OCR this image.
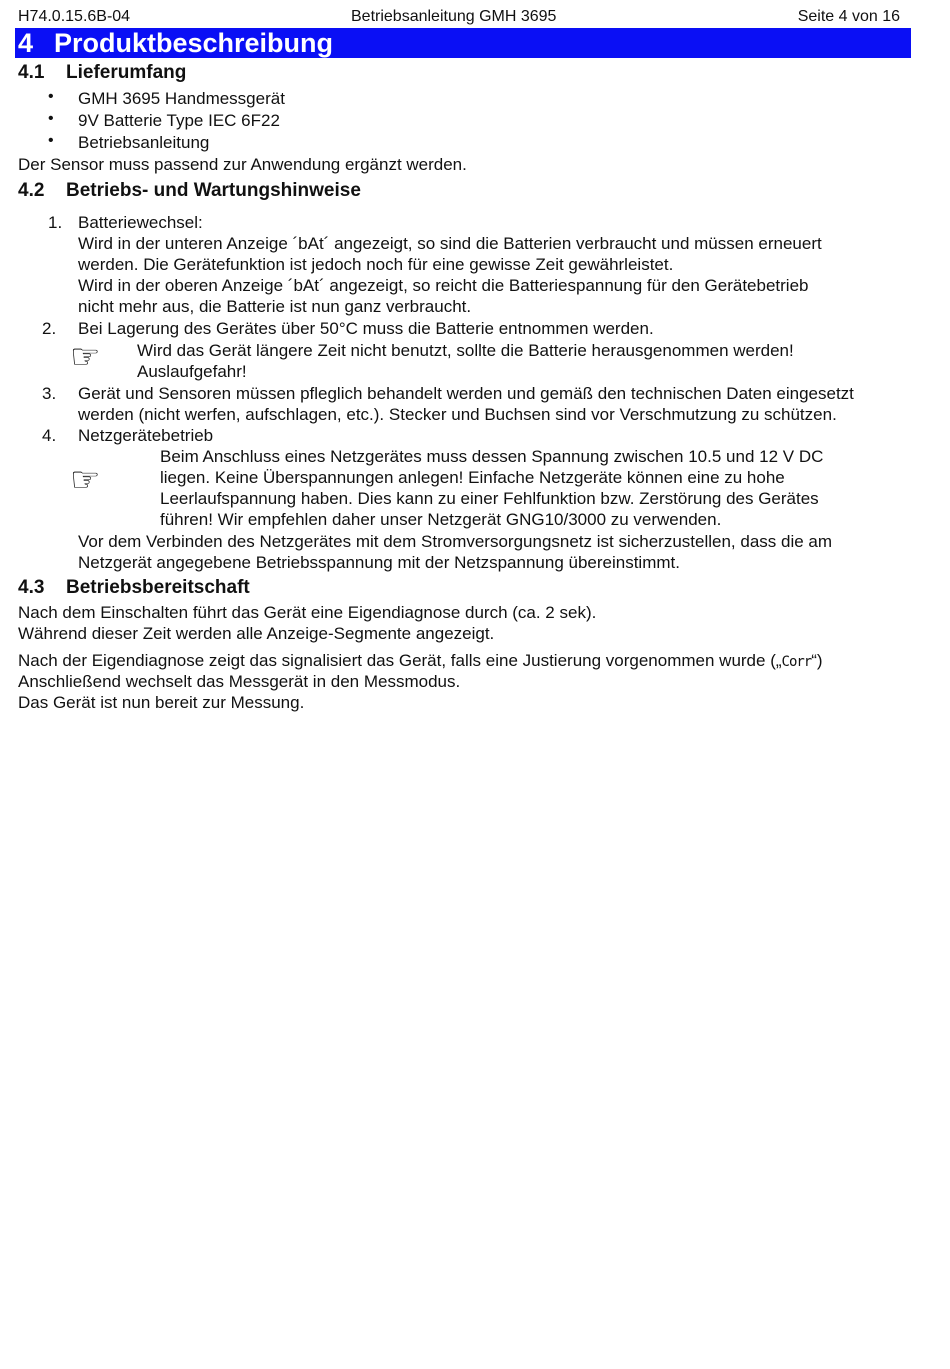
H74.0.15.6B-04	Betriebsanleitung GMH 3695	Seite 4 von 16
4 Produktbeschreibung
4.1 Lieferumfang
• GMH 3695 Handmessgerät
• 9V Batterie Type IEC 6F22
• Betriebsanleitung
Der Sensor muss passend zur Anwendung ergänzt werden.
4.2 Betriebs- und Wartungshinweise
1. Batteriewechsel:
Wird in der unteren Anzeige ´bAt´ angezeigt, so sind die Batterien verbraucht und müssen erneuert
werden. Die Gerätefunktion ist jedoch noch für eine gewisse Zeit gewährleistet.
Wird in der oberen Anzeige ´bAt´ angezeigt, so reicht die Batteriespannung für den Gerätebetrieb
nicht mehr aus, die Batterie ist nun ganz verbraucht.
2. Bei Lagerung des Gerätes über 50°C muss die Batterie entnommen werden.
☞ Wird das Gerät längere Zeit nicht benutzt, sollte die Batterie herausgenommen werden!
Auslaufgefahr!
3. Gerät und Sensoren müssen pfleglich behandelt werden und gemäß den technischen Daten eingesetzt
werden (nicht werfen, aufschlagen, etc.). Stecker und Buchsen sind vor Verschmutzung zu schützen.
4. Netzgerätebetrieb
☞
Beim Anschluss eines Netzgerätes muss dessen Spannung zwischen 10.5 und 12 V DC
liegen. Keine Überspannungen anlegen! Einfache Netzgeräte können eine zu hohe
Leerlaufspannung haben. Dies kann zu einer Fehlfunktion bzw. Zerstörung des Gerätes
führen! Wir empfehlen daher unser Netzgerät GNG10/3000 zu verwenden.
Vor dem Verbinden des Netzgerätes mit dem Stromversorgungsnetz ist sicherzustellen, dass die am
Netzgerät angegebene Betriebsspannung mit der Netzspannung übereinstimmt.
4.3 Betriebsbereitschaft
Nach dem Einschalten führt das Gerät eine Eigendiagnose durch (ca. 2 sek).
Während dieser Zeit werden alle Anzeige-Segmente angezeigt.
Nach der Eigendiagnose zeigt das signalisiert das Gerät, falls eine Justierung vorgenommen wurde („Corr“)
Anschließend wechselt das Messgerät in den Messmodus.
Das Gerät ist nun bereit zur Messung.
